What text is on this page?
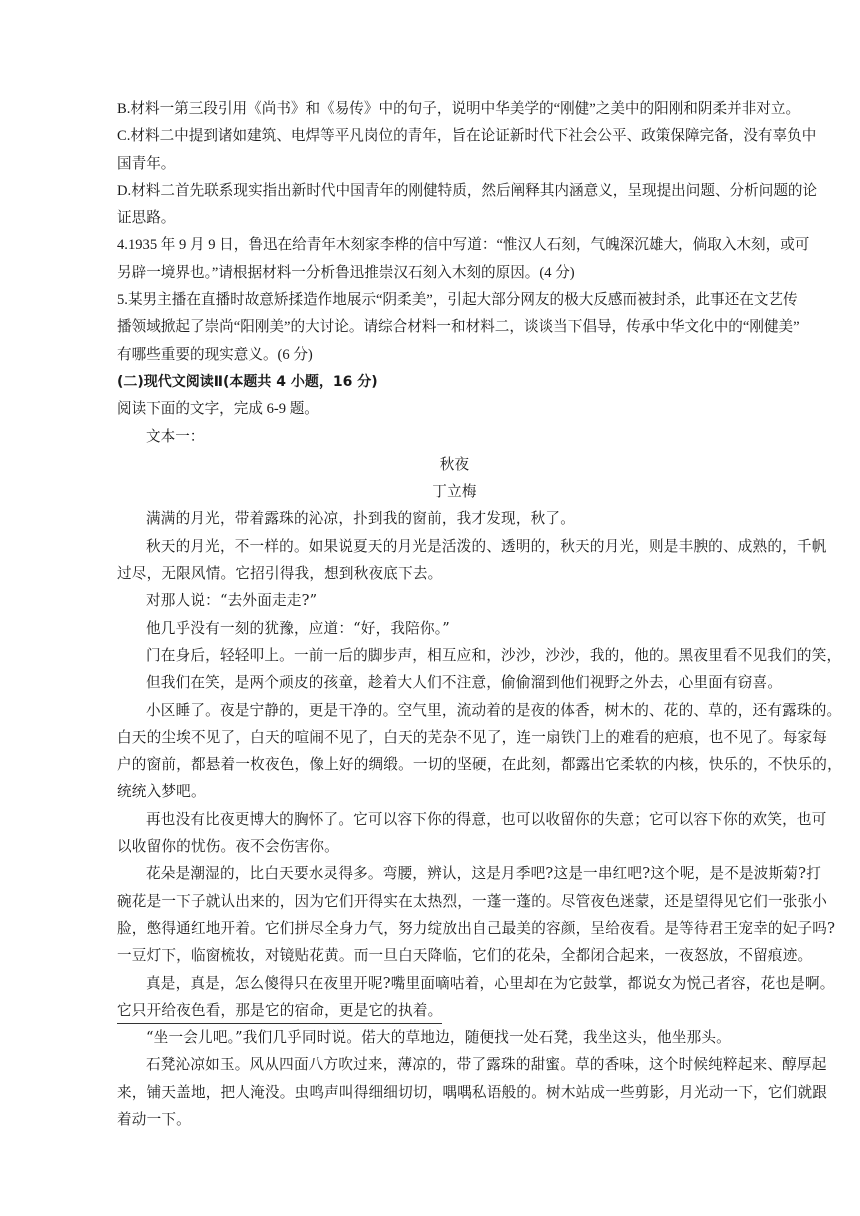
B.材料一第三段引用《尚书》和《易传》中的句子，说明中华美学的“刚健”之美中的阳刚和阴柔并非对立。
C.材料二中提到诸如建筑、电焊等平凡岗位的青年，旨在论证新时代下社会公平、政策保障完备，没有辜负中
国青年。
D.材料二首先联系现实指出新时代中国青年的刚健特质，然后阐释其内涵意义，呈现提出问题、分析问题的论
证思路。
4.1935 年 9 月 9 日，鲁迅在给青年木刻家李桦的信中写道：“惟汉人石刻，气魄深沉雄大，倘取入木刻，或可
另辟一境界也。”请根据材料一分析鲁迅推崇汉石刻入木刻的原因。(4 分)
5.某男主播在直播时故意矫揉造作地展示“阴柔美”，引起大部分网友的极大反感而被封杀，此事还在文艺传
播领域掀起了崇尚“阳刚美”的大讨论。请综合材料一和材料二，谈谈当下倡导，传承中华文化中的“刚健美”
有哪些重要的现实意义。(6 分)
(二)现代文阅读Ⅱ(本题共 4 小题，16 分)
阅读下面的文字，完成 6-9 题。
文本一：
秋夜
丁立梅
满满的月光，带着露珠的沁凉，扑到我的窗前，我才发现，秋了。
秋天的月光，不一样的。如果说夏天的月光是活泼的、透明的，秋天的月光，则是丰腴的、成熟的，千帆
过尽，无限风情。它招引得我，想到秋夜底下去。
对那人说：“去外面走走?”
他几乎没有一刻的犹豫，应道：“好，我陪你。”
门在身后，轻轻叩上。一前一后的脚步声，相互应和，沙沙，沙沙，我的，他的。黑夜里看不见我们的笑，
但我们在笑，是两个顽皮的孩童，趁着大人们不注意，偷偷溜到他们视野之外去，心里面有窃喜。
小区睡了。夜是宁静的，更是干净的。空气里，流动着的是夜的体香，树木的、花的、草的，还有露珠的。
白天的尘埃不见了，白天的喧闹不见了，白天的芜杂不见了，连一扇铁门上的难看的疤痕，也不见了。每家每
户的窗前，都悬着一枚夜色，像上好的绸缎。一切的坚硬，在此刻，都露出它柔软的内核，快乐的，不快乐的，
统统入梦吧。
再也没有比夜更博大的胸怀了。它可以容下你的得意，也可以收留你的失意；它可以容下你的欢笑，也可
以收留你的忧伤。夜不会伤害你。
花朵是潮湿的，比白天要水灵得多。弯腰，辨认，这是月季吧?这是一串红吧?这个呢，是不是波斯菊?打
碗花是一下子就认出来的，因为它们开得实在太热烈，一蓬一蓬的。尽管夜色迷蒙，还是望得见它们一张张小
脸，憋得通红地开着。它们拼尽全身力气，努力绽放出自己最美的容颜，呈给夜看。是等待君王宠幸的妃子吗?
一豆灯下，临窗梳妆，对镜贴花黄。而一旦白天降临，它们的花朵，全都闭合起来，一夜怒放，不留痕迹。
真是，真是，怎么傻得只在夜里开呢?嘴里面嘀咕着，心里却在为它鼓掌，都说女为悦己者容，花也是啊。
它只开给夜色看，那是它的宿命，更是它的执着。
“坐一会儿吧。”我们几乎同时说。偌大的草地边，随便找一处石凳，我坐这头，他坐那头。
石凳沁凉如玉。风从四面八方吹过来，薄凉的，带了露珠的甜蜜。草的香味，这个时候纯粹起来、醇厚起
来，铺天盖地，把人淹没。虫鸣声叫得细细切切，喁喁私语般的。树木站成一些剪影，月光动一下，它们就跟
着动一下。
